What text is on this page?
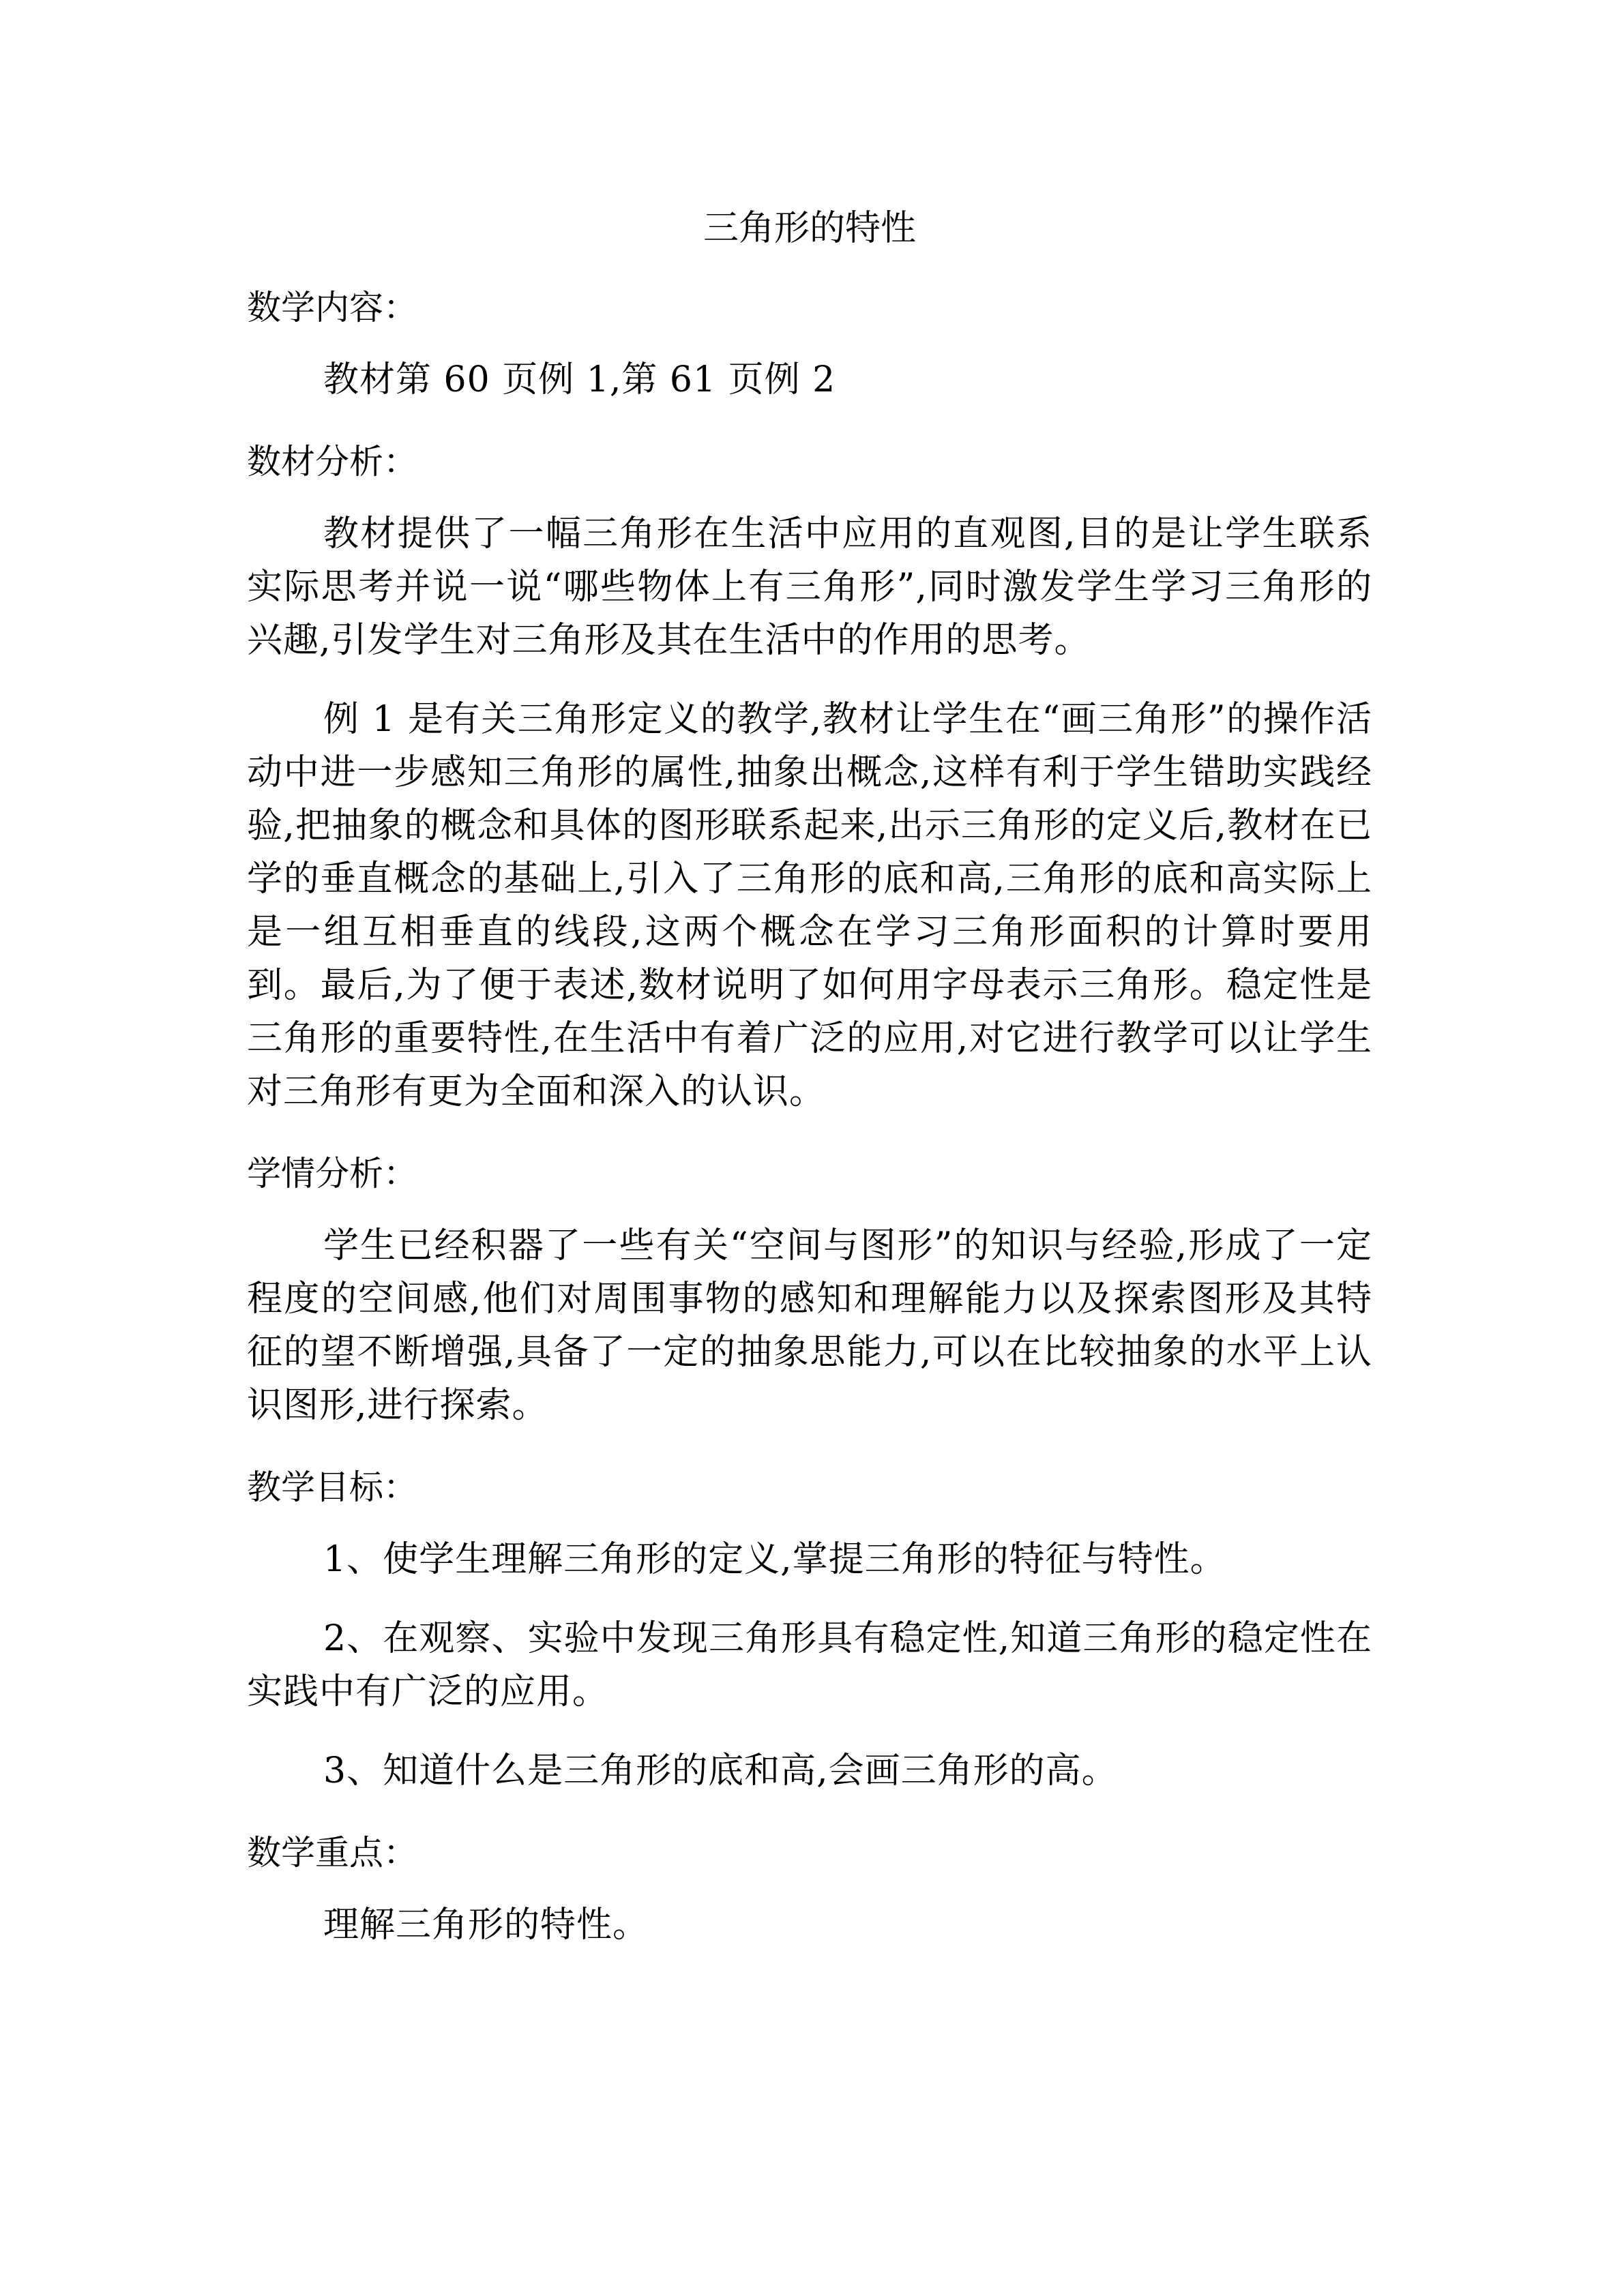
三角形的特性
数学内容：

教材第 60 页例 1,第 61 页例 2

数材分析：

教材提供了一幅三角形在生活中应用的直观图,目的是让学生联系实际思考并说一说“哪些物体上有三角形”,同时激发学生学习三角形的兴趣,引发学生对三角形及其在生活中的作用的思考。

例 1 是有关三角形定义的教学,教材让学生在“画三角形”的操作活动中进一步感知三角形的属性,抽象出概念,这样有利于学生错助实践经验,把抽象的概念和具体的图形联系起来,出示三角形的定义后,教材在已学的垂直概念的基础上,引入了三角形的底和高,三角形的底和高实际上是一组互相垂直的线段,这两个概念在学习三角形面积的计算时要用到。最后,为了便于表述,数材说明了如何用字母表示三角形。稳定性是三角形的重要特性,在生活中有着广泛的应用,对它进行教学可以让学生对三角形有更为全面和深入的认识。

学情分析：

学生已经积器了一些有关“空间与图形”的知识与经验,形成了一定程度的空间感,他们对周围事物的感知和理解能力以及探索图形及其特征的望不断增强,具备了一定的抽象思能力,可以在比较抽象的水平上认识图形,进行探索。

教学目标：

1、使学生理解三角形的定义,掌提三角形的特征与特性。

2、在观察、实验中发现三角形具有稳定性,知道三角形的稳定性在实践中有广泛的应用。

3、知道什么是三角形的底和高,会画三角形的高。

数学重点：

理解三角形的特性。
